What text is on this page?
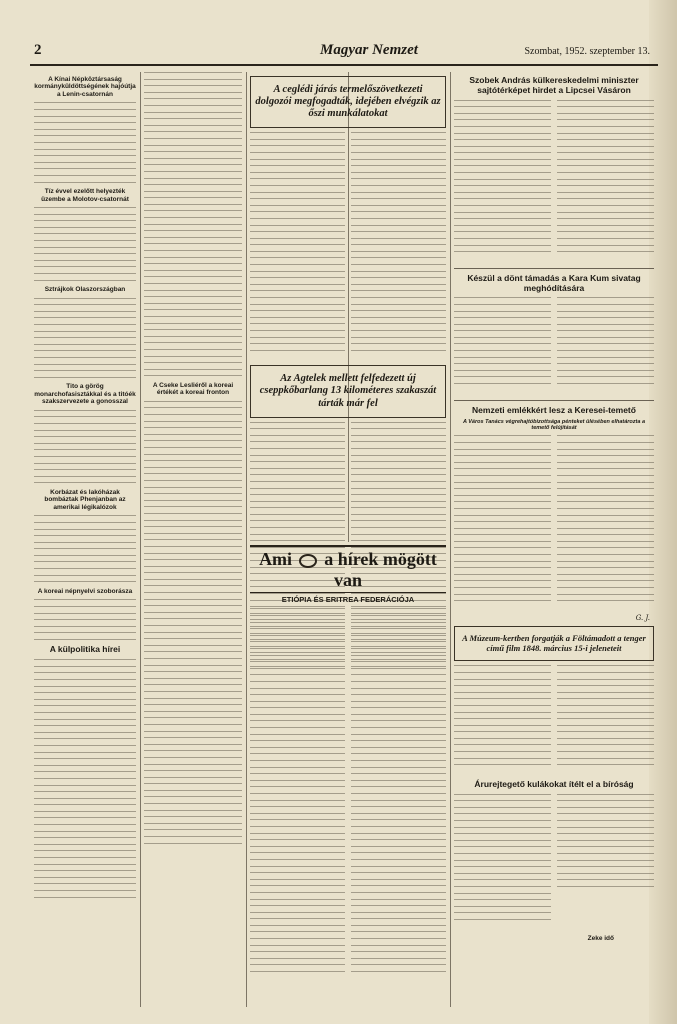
2	Magyar Nemzet	Szombat, 1952. szeptember 13.
A Kínai Népköztársaság kormányküldöttségének hajóútja a Lenin-csatornán
Tíz évvel ezelőtt helyezték üzembe a Molotov-csatornát
Sztrájkok Olaszországban
Tito a görög monarchofasisztákkal és a titóék szakszervezete a gonosszal
Korbázat és lakóházak bombáztak Phenjanban az amerikai légikalózok
A koreai népnyelvi szoborásza
A külpolitika hírei
A Cseke Lesliéről a koreai értékét a koreai fronton
A ceglédi járás termelőszövetkezeti dolgozói megfogadták, idejében elvégzik az őszi munkálatokat
Az Agtelek mellett felfedezett új cseppkőbarlang 13 kilométeres szakaszát tárták már fel
Ami a hírek mögött van
ETIÓPIA ÉS ERITREA FEDERÁCIÓJA
Szobek András külkereskedelmi miniszter sajtótérképet hirdet a Lipcsei Vásáron
Készül a dönt támadás a Kara Kum sivatag meghódítására
Nemzeti emlékkért lesz a Keresei-temető
A Város Tanács végrehajtóbizottsága pénteket ülésében elhatározta a temető felújítását
G. J.
A Múzeum-kertben forgatják a Föltámadott a tenger című film 1848. március 15-i jeleneteit
Árurejtegető kulákokat ítélt el a bíróság
Zeke idő
